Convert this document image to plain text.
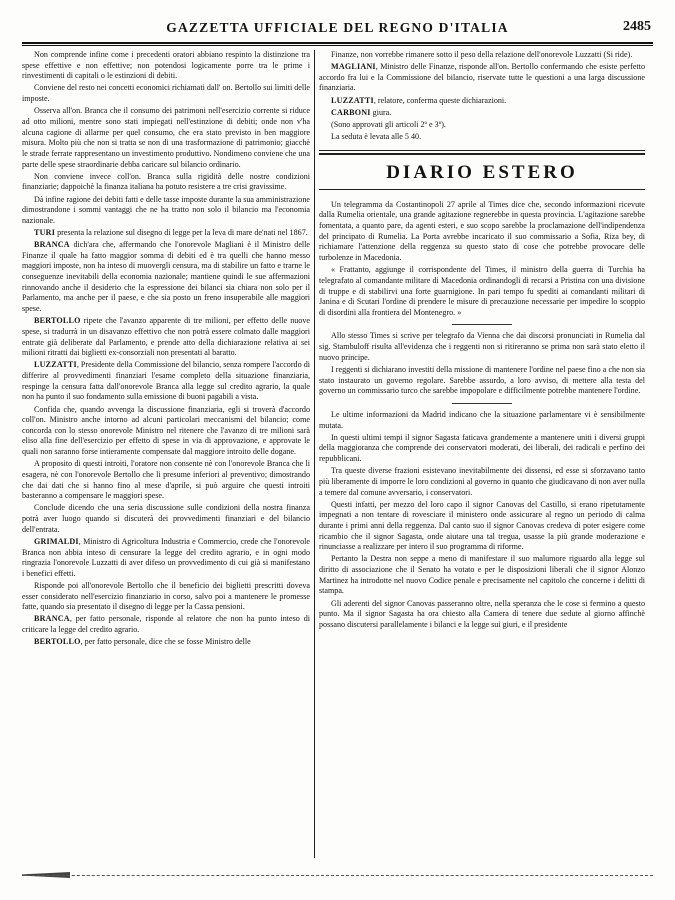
GAZZETTA UFFICIALE DEL REGNO D'ITALIA	2485

Non comprende infine come i precedenti oratori abbiano respinto la distinzione tra spese effettive e non effettive; non potendosi logicamente porre tra le prime i rinvestimenti di capitali o le estinzioni di debiti.

Conviene del resto nei concetti economici richiamati dall' on. Bertollo sui limiti delle imposte.

Osserva all'on. Branca che il consumo dei patrimoni nell'esercizio corrente si riduce ad otto milioni, mentre sono stati impiegati nell'estinzione di debiti; onde non v'ha alcuna cagione di allarme per quel consumo, che era stato previsto in ben maggiore misura. Molto più che non si tratta se non di una trasformazione di patrimonio; giacchè le strade ferrate rappresentano un investimento produttivo. Nondimeno conviene che una parte delle spese straordinarie debba caricare sul bilancio ordinario.

Non conviene invece coll'on. Branca sulla rigidità delle nostre condizioni finanziarie; dappoichè la finanza italiana ha potuto resistere a tre crisi gravissime.

Dà infine ragione dei debiti fatti e delle tasse imposte durante la sua amministrazione dimostrandone i sommi vantaggi che ne ha tratto non solo il bilancio ma l'economia nazionale.

TURI presenta la relazione sul disegno di legge per la leva di mare de'nati nel 1867.

BRANCA dich'ara che, affermando che l'onorevole Magliani è il Ministro delle Finanze il quale ha fatto maggior somma di debiti ed è tra quelli che hanno messo maggiori imposte, non ha inteso di muovergli censura, ma di stabilire un fatto e trarne le conseguenze inevitabili della economia nazionale; mantiene quindi le sue affermazioni rinnovando anche il desiderio che la espressione dei bilanci sia chiara non solo per il Parlamento, ma anche per il paese, e che sia posto un freno insuperabile alle maggiori spese.

BERTOLLO ripete che l'avanzo apparente di tre milioni, per effetto delle nuove spese, si tradurrà in un disavanzo effettivo che non potrà essere colmato dalle maggiori entrate già deliberate dal Parlamento, e prende atto della dichiarazione relativa ai sei milioni ritratti dai biglietti ex-consorziali non presentati al baratto.

LUZZATTI, Presidente della Commissione del bilancio, senza rompere l'accordo di differire al provvedimenti finanziari l'esame completo della situazione finanziaria, respinge la censura fatta dall'onorevole Branca alla legge sul credito agrario, la quale non ha punto il suo fondamento sulla emissione di buoni pagabili a vista.

Confida che, quando avvenga la discussione finanziaria, egli si troverà d'accordo coll'on. Ministro anche intorno ad alcuni particolari meccanismi del bilancio; come concorda con lo stesso onorevole Ministro nel ritenere che l'avanzo di tre milioni sarà eliso alla fine dell'esercizio per effetto di spese in via di approvazione, e approvate le quali non saranno forse intieramente compensate dal maggiore introito delle dogane.

A proposito di questi introiti, l'oratore non consente nè con l'onorevole Branca che li esagera, nè con l'onorevole Bertollo che li presume inferiori al preventivo; dimostrando che dai dati che si hanno fino al mese d'aprile, si può arguire che questi introiti basteranno a compensare le maggiori spese.

Conclude dicendo che una seria discussione sulle condizioni della nostra finanza potrà aver luogo quando si discuterà dei provvedimenti finanziari e del bilancio dell'entrata.

GRIMALDI, Ministro di Agricoltura Industria e Commercio, crede che l'onorevole Branca non abbia inteso di censurare la legge del credito agrario, e in ogni modo ringrazia l'onorevole Luzzatti di aver difeso un provvedimento di cui già si manifestano i benefici effetti.

Risponde poi all'onorevole Bertollo che il beneficio dei biglietti prescritti doveva esser considerato nell'esercizio finanziario in corso, salvo poi a mantenere le promesse fatte, quando sia presentato il disegno di legge per la Cassa pensioni.

BRANCA, per fatto personale, risponde al relatore che non ha punto inteso di criticare la legge del credito agrario.

BERTOLLO, per fatto personale, dice che se fosse Ministro delle

Finanze, non vorrebbe rimanere sotto il peso della relazione dell'onorevole Luzzatti (Si ride).

MAGLIANI, Ministro delle Finanze, risponde all'on. Bertollo confermando che esiste perfetto accordo fra lui e la Commissione del bilancio, riservate tutte le questioni a una larga discussione finanziaria.

LUZZATTI, relatore, conferma queste dichiarazioni.

CARBONI giura.

(Sono approvati gli articoli 2º e 3º).

La seduta è levata alle 5 40.

DIARIO ESTERO

Un telegramma da Costantinopoli 27 aprile al Times dice che, secondo informazioni ricevute dalla Rumelia orientale, una grande agitazione regnerebbe in questa provincia. L'agitazione sarebbe fomentata, a quanto pare, da agenti esteri, e suo scopo sarebbe la proclamazione dell'indipendenza del principato di Rumelia. La Porta avrebbe incaricato il suo commissario a Sofia, Riza bey, di richiamare l'attenzione della reggenza su questo stato di cose che potrebbe provocare delle turbolenze in Macedonia.

« Frattanto, aggiunge il corrispondente del Times, il ministro della guerra di Turchia ha telegrafato al comandante militare di Macedonia ordinandogli di recarsi a Pristina con una divisione di truppe e di stabilirvi una forte guarnigione. In pari tempo fu spediti ai comandanti militari di Janina e di Scutari l'ordine di prendere le misure di precauzione necessarie per impedire lo scoppio di disordini alla frontiera del Montenegro. »

Allo stesso Times si scrive per telegrafo da Vienna che dai discorsi pronunciati in Rumelia dal sig. Stambuloff risulta all'evidenza che i reggenti non si ritireranno se prima non sarà stato eletto il nuovo principe.

I reggenti si dichiarano investiti della missione di mantenere l'ordine nel paese fino a che non sia stato instaurato un governo regolare. Sarebbe assurdo, a loro avviso, di mettere alla testa del governo un commissario turco che sarebbe impopolare e difficilmente potrebbe mantenere l'ordine.

Le ultime informazioni da Madrid indicano che la situazione parlamentare vi è sensibilmente mutata.

In questi ultimi tempi il signor Sagasta faticava grandemente a mantenere uniti i diversi gruppi della maggioranza che comprende dei conservatori moderati, dei liberali, dei radicali e perfino dei repubblicani.

Tra queste diverse frazioni esistevano inevitabilmente dei dissensi, ed esse si sforzavano tanto più liberamente di imporre le loro condizioni al governo in quanto che giudicavano di non aver nulla a temere dal comune avversario, i conservatori.

Questi infatti, per mezzo del loro capo il signor Canovas del Castillo, si erano ripetutamente impegnati a non tentare di rovesciare il ministero onde assicurare al regno un periodo di calma durante i primi anni della reggenza. Dal canto suo il signor Canovas credeva di poter esigere come ricambio che il signor Sagasta, onde aiutare una tal tregua, usasse la più grande moderazione e rinunciasse a realizzare per intero il suo programma di riforme.

Pertanto la Destra non seppe a meno di manifestare il suo malumore riguardo alla legge sul diritto di associazione che il Senato ha votato e per le disposizioni liberali che il signor Alonzo Martinez ha introdotte nel nuovo Codice penale e precisamente nel capitolo che concerne i delitti di stampa.

Gli aderenti del signor Canovas passeranno oltre, nella speranza che le cose si fermino a questo punto. Ma il signor Sagasta ha ora chiesto alla Camera di tenere due sedute al giorno affinchè possano discutersi parallelamente i bilanci e la legge sui giuri, e il presidente
